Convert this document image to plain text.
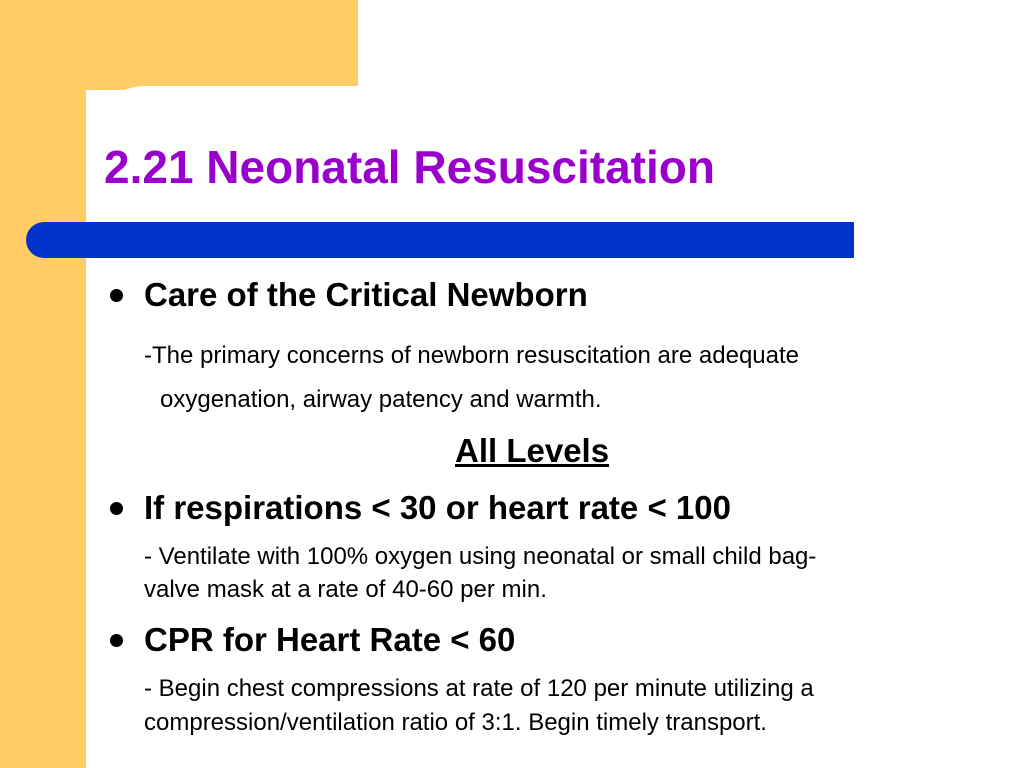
2.21 Neonatal Resuscitation
Care of the Critical Newborn
-The primary concerns of newborn resuscitation are adequate
oxygenation, airway patency and warmth.
All Levels
If respirations < 30 or heart rate < 100
- Ventilate with 100% oxygen using neonatal or small child bag-
valve mask at a rate of 40-60 per min.
CPR for Heart Rate < 60
- Begin chest compressions at rate of 120 per minute utilizing a
compression/ventilation ratio of 3:1. Begin timely transport.
